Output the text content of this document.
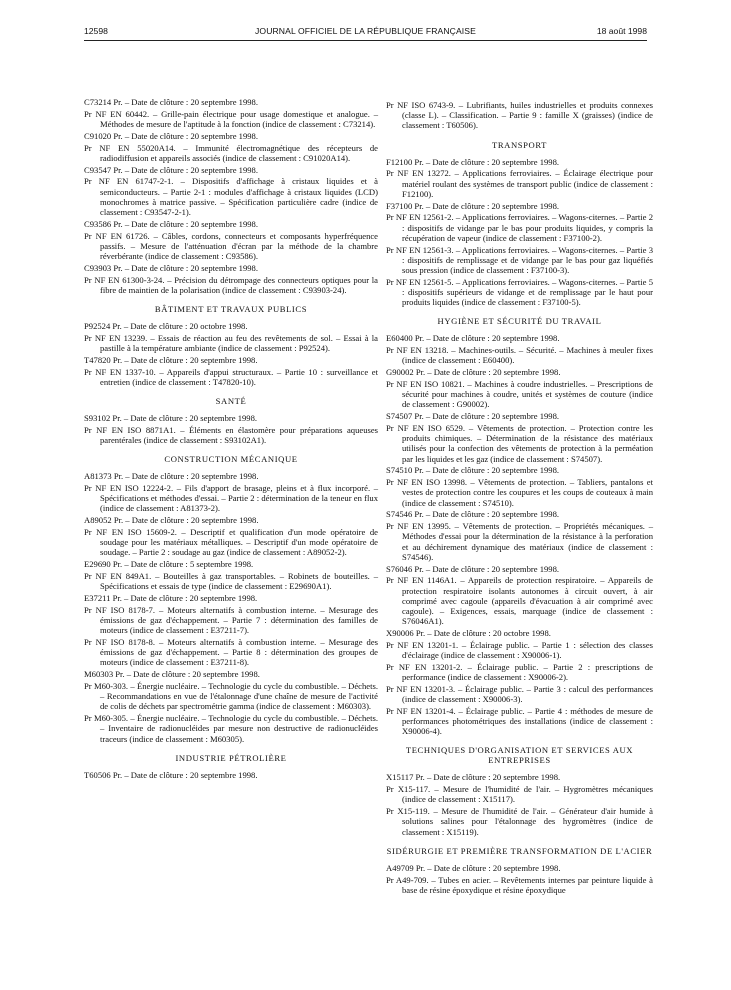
12598	JOURNAL OFFICIEL DE LA RÉPUBLIQUE FRANÇAISE	18 août 1998
C73214 Pr. – Date de clôture : 20 septembre 1998.
Pr NF EN 60442. – Grille-pain électrique pour usage domestique et analogue. – Méthodes de mesure de l'aptitude à la fonction (indice de classement : C73214).
C91020 Pr. – Date de clôture : 20 septembre 1998.
Pr NF EN 55020A14. – Immunité électromagnétique des récepteurs de radiodiffusion et appareils associés (indice de classement : C91020A14).
C93547 Pr. – Date de clôture : 20 septembre 1998.
Pr NF EN 61747-2-1. – Dispositifs d'affichage à cristaux liquides et à semiconducteurs. – Partie 2-1 : modules d'affichage à cristaux liquides (LCD) monochromes à matrice passive. – Spécification particulière cadre (indice de classement : C93547-2-1).
C93586 Pr. – Date de clôture : 20 septembre 1998.
Pr NF EN 61726. – Câbles, cordons, connecteurs et composants hyperfréquence passifs. – Mesure de l'atténuation d'écran par la méthode de la chambre réverbérante (indice de classement : C93586).
C93903 Pr. – Date de clôture : 20 septembre 1998.
Pr NF EN 61300-3-24. – Précision du détrompage des connecteurs optiques pour la fibre de maintien de la polarisation (indice de classement : C93903-24).
BÂTIMENT ET TRAVAUX PUBLICS
P92524 Pr. – Date de clôture : 20 octobre 1998.
Pr NF EN 13239. – Essais de réaction au feu des revêtements de sol. – Essai à la pastille à la température ambiante (indice de classement : P92524).
T47820 Pr. – Date de clôture : 20 septembre 1998.
Pr NF EN 1337-10. – Appareils d'appui structuraux. – Partie 10 : surveillance et entretien (indice de classement : T47820-10).
SANTÉ
S93102 Pr. – Date de clôture : 20 septembre 1998.
Pr NF EN ISO 8871A1. – Éléments en élastomère pour préparations aqueuses parentérales (indice de classement : S93102A1).
CONSTRUCTION MÉCANIQUE
A81373 Pr. – Date de clôture : 20 septembre 1998.
Pr NF EN ISO 12224-2. – Fils d'apport de brasage, pleins et à flux incorporé. – Spécifications et méthodes d'essai. – Partie 2 : détermination de la teneur en flux (indice de classement : A81373-2).
A89052 Pr. – Date de clôture : 20 septembre 1998.
Pr NF EN ISO 15609-2. – Descriptif et qualification d'un mode opératoire de soudage pour les matériaux métalliques. – Descriptif d'un mode opératoire de soudage. – Partie 2 : soudage au gaz (indice de classement : A89052-2).
E29690 Pr. – Date de clôture : 5 septembre 1998.
Pr NF EN 849A1. – Bouteilles à gaz transportables. – Robinets de bouteilles. – Spécifications et essais de type (indice de classement : E29690A1).
E37211 Pr. – Date de clôture : 20 septembre 1998.
Pr NF ISO 8178-7. – Moteurs alternatifs à combustion interne. – Mesurage des émissions de gaz d'échappement. – Partie 7 : détermination des familles de moteurs (indice de classement : E37211-7).
Pr NF ISO 8178-8. – Moteurs alternatifs à combustion interne. – Mesurage des émissions de gaz d'échappement. – Partie 8 : détermination des groupes de moteurs (indice de classement : E37211-8).
M60303 Pr. – Date de clôture : 20 septembre 1998.
Pr M60-303. – Énergie nucléaire. – Technologie du cycle du combustible. – Déchets. – Recommandations en vue de l'étalonnage d'une chaîne de mesure de l'activité de colis de déchets par spectrométrie gamma (indice de classement : M60303).
Pr M60-305. – Énergie nucléaire. – Technologie du cycle du combustible. – Déchets. – Inventaire de radionucléides par mesure non destructive de radionucléides traceurs (indice de classement : M60305).
INDUSTRIE PÉTROLIÈRE
T60506 Pr. – Date de clôture : 20 septembre 1998.
Pr NF ISO 6743-9. – Lubrifiants, huiles industrielles et produits connexes (classe L). – Classification. – Partie 9 : famille X (graisses) (indice de classement : T60506).
TRANSPORT
F12100 Pr. – Date de clôture : 20 septembre 1998.
Pr NF EN 13272. – Applications ferroviaires. – Éclairage électrique pour matériel roulant des systèmes de transport public (indice de classement : F12100).
F37100 Pr. – Date de clôture : 20 septembre 1998.
Pr NF EN 12561-2. – Applications ferroviaires. – Wagons-citernes. – Partie 2 : dispositifs de vidange par le bas pour produits liquides, y compris la récupération de vapeur (indice de classement : F37100-2).
Pr NF EN 12561-3. – Applications ferroviaires. – Wagons-citernes. – Partie 3 : dispositifs de remplissage et de vidange par le bas pour gaz liquéfiés sous pression (indice de classement : F37100-3).
Pr NF EN 12561-5. – Applications ferroviaires. – Wagons-citernes. – Partie 5 : dispositifs supérieurs de vidange et de remplissage par le haut pour produits liquides (indice de classement : F37100-5).
HYGIÈNE ET SÉCURITÉ DU TRAVAIL
E60400 Pr. – Date de clôture : 20 septembre 1998.
Pr NF EN 13218. – Machines-outils. – Sécurité. – Machines à meuler fixes (indice de classement : E60400).
G90002 Pr. – Date de clôture : 20 septembre 1998.
Pr NF EN ISO 10821. – Machines à coudre industrielles. – Prescriptions de sécurité pour machines à coudre, unités et systèmes de couture (indice de classement : G90002).
S74507 Pr. – Date de clôture : 20 septembre 1998.
Pr NF EN ISO 6529. – Vêtements de protection. – Protection contre les produits chimiques. – Détermination de la résistance des matériaux utilisés pour la confection des vêtements de protection à la perméation par les liquides et les gaz (indice de classement : S74507).
S74510 Pr. – Date de clôture : 20 septembre 1998.
Pr NF EN ISO 13998. – Vêtements de protection. – Tabliers, pantalons et vestes de protection contre les coupures et les coups de couteaux à main (indice de classement : S74510).
S74546 Pr. – Date de clôture : 20 septembre 1998.
Pr NF EN 13995. – Vêtements de protection. – Propriétés mécaniques. – Méthodes d'essai pour la détermination de la résistance à la perforation et au déchirement dynamique des matériaux (indice de classement : S74546).
S76046 Pr. – Date de clôture : 20 septembre 1998.
Pr NF EN 1146A1. – Appareils de protection respiratoire. – Appareils de protection respiratoire isolants autonomes à circuit ouvert, à air comprimé avec cagoule (appareils d'évacuation à air comprimé avec cagoule). – Exigences, essais, marquage (indice de classement : S76046A1).
X90006 Pr. – Date de clôture : 20 octobre 1998.
Pr NF EN 13201-1. – Éclairage public. – Partie 1 : sélection des classes d'éclairage (indice de classement : X90006-1).
Pr NF EN 13201-2. – Éclairage public. – Partie 2 : prescriptions de performance (indice de classement : X90006-2).
Pr NF EN 13201-3. – Éclairage public. – Partie 3 : calcul des performances (indice de classement : X90006-3).
Pr NF EN 13201-4. – Éclairage public. – Partie 4 : méthodes de mesure de performances photométriques des installations (indice de classement : X90006-4).
TECHNIQUES D'ORGANISATION ET SERVICES AUX ENTREPRISES
X15117 Pr. – Date de clôture : 20 septembre 1998.
Pr X15-117. – Mesure de l'humidité de l'air. – Hygromètres mécaniques (indice de classement : X15117).
Pr X15-119. – Mesure de l'humidité de l'air. – Générateur d'air humide à solutions salines pour l'étalonnage des hygromètres (indice de classement : X15119).
SIDÉRURGIE ET PREMIÈRE TRANSFORMATION DE L'ACIER
A49709 Pr. – Date de clôture : 20 septembre 1998.
Pr A49-709. – Tubes en acier. – Revêtements internes par peinture liquide à base de résine époxydique et résine époxydique
